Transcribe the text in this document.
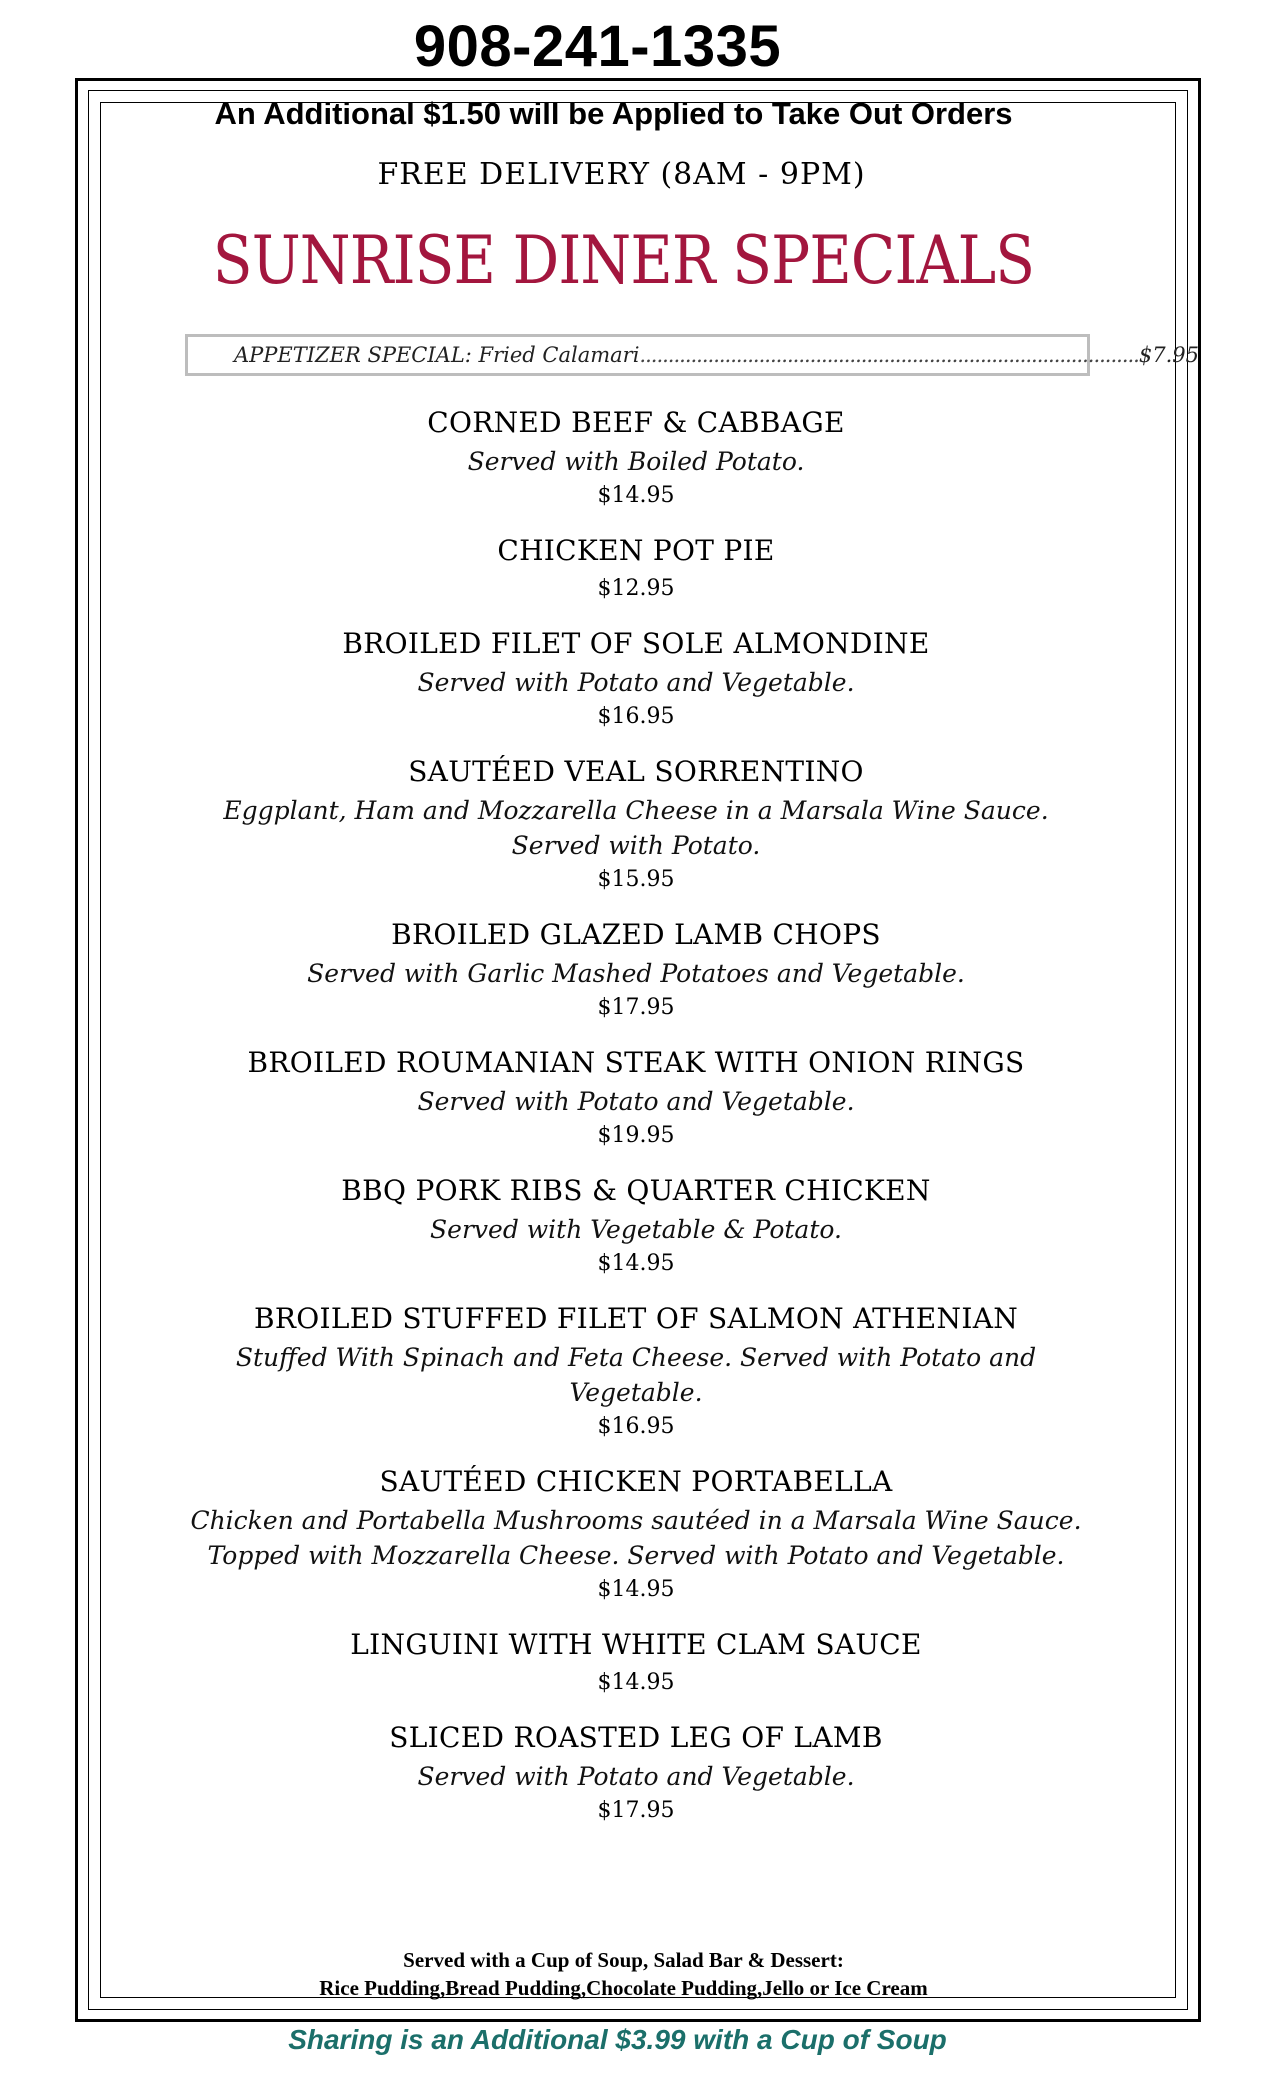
908-241-1335
An Additional $1.50 will be Applied to Take Out Orders
FREE DELIVERY (8AM - 9PM)
SUNRISE DINER SPECIALS
APPETIZER SPECIAL: Fried Calamari ........................................................................................ $7.95
CORNED BEEF & CABBAGE
Served with Boiled Potato.
$14.95
CHICKEN POT PIE
$12.95
BROILED FILET OF SOLE ALMONDINE
Served with Potato and Vegetable.
$16.95
SAUTÉED VEAL SORRENTINO
Eggplant, Ham and Mozzarella Cheese in a Marsala Wine Sauce. Served with Potato.
$15.95
BROILED GLAZED LAMB CHOPS
Served with Garlic Mashed Potatoes and Vegetable.
$17.95
BROILED ROUMANIAN STEAK WITH ONION RINGS
Served with Potato and Vegetable.
$19.95
BBQ PORK RIBS & QUARTER CHICKEN
Served with Vegetable & Potato.
$14.95
BROILED STUFFED FILET OF SALMON ATHENIAN
Stuffed With Spinach and Feta Cheese. Served with Potato and Vegetable.
$16.95
SAUTÉED CHICKEN PORTABELLA
Chicken and Portabella Mushrooms sautéed in a Marsala Wine Sauce. Topped with Mozzarella Cheese. Served with Potato and Vegetable.
$14.95
LINGUINI WITH WHITE CLAM SAUCE
$14.95
SLICED ROASTED LEG OF LAMB
Served with Potato and Vegetable.
$17.95
Served with a Cup of Soup, Salad Bar & Dessert:
Rice Pudding,Bread Pudding,Chocolate Pudding,Jello or Ice Cream
Sharing is an Additional $3.99 with a Cup of Soup
